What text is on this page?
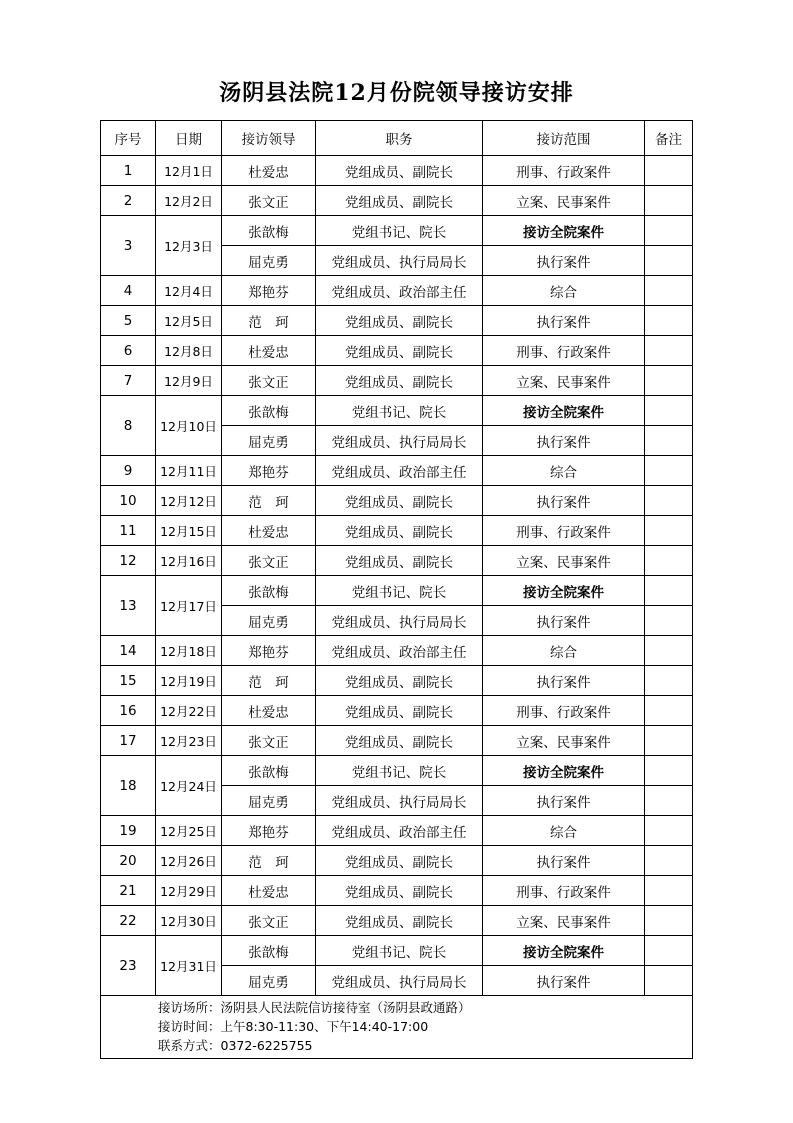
汤阴县法院12月份院领导接访安排
序号	日期	接访领导	职务	接访范围	备注
1	12月1日	杜爱忠	党组成员、副院长	刑事、行政案件	
2	12月2日	张文正	党组成员、副院长	立案、民事案件	
3	12月3日	张歆梅	党组书记、院长	接访全院案件	
		屈克勇	党组成员、执行局局长	执行案件	
4	12月4日	郑艳芬	党组成员、政治部主任	综合	
5	12月5日	范　珂	党组成员、副院长	执行案件	
6	12月8日	杜爱忠	党组成员、副院长	刑事、行政案件	
7	12月9日	张文正	党组成员、副院长	立案、民事案件	
8	12月10日	张歆梅	党组书记、院长	接访全院案件	
		屈克勇	党组成员、执行局局长	执行案件	
9	12月11日	郑艳芬	党组成员、政治部主任	综合	
10	12月12日	范　珂	党组成员、副院长	执行案件	
11	12月15日	杜爱忠	党组成员、副院长	刑事、行政案件	
12	12月16日	张文正	党组成员、副院长	立案、民事案件	
13	12月17日	张歆梅	党组书记、院长	接访全院案件	
		屈克勇	党组成员、执行局局长	执行案件	
14	12月18日	郑艳芬	党组成员、政治部主任	综合	
15	12月19日	范　珂	党组成员、副院长	执行案件	
16	12月22日	杜爱忠	党组成员、副院长	刑事、行政案件	
17	12月23日	张文正	党组成员、副院长	立案、民事案件	
18	12月24日	张歆梅	党组书记、院长	接访全院案件	
		屈克勇	党组成员、执行局局长	执行案件	
19	12月25日	郑艳芬	党组成员、政治部主任	综合	
20	12月26日	范　珂	党组成员、副院长	执行案件	
21	12月29日	杜爱忠	党组成员、副院长	刑事、行政案件	
22	12月30日	张文正	党组成员、副院长	立案、民事案件	
23	12月31日	张歆梅	党组书记、院长	接访全院案件	
		屈克勇	党组成员、执行局局长	执行案件	

接访场所：汤阴县人民法院信访接待室（汤阴县政通路）
接访时间：上午8:30-11:30、下午14:40-17:00
联系方式：0372-6225755					
